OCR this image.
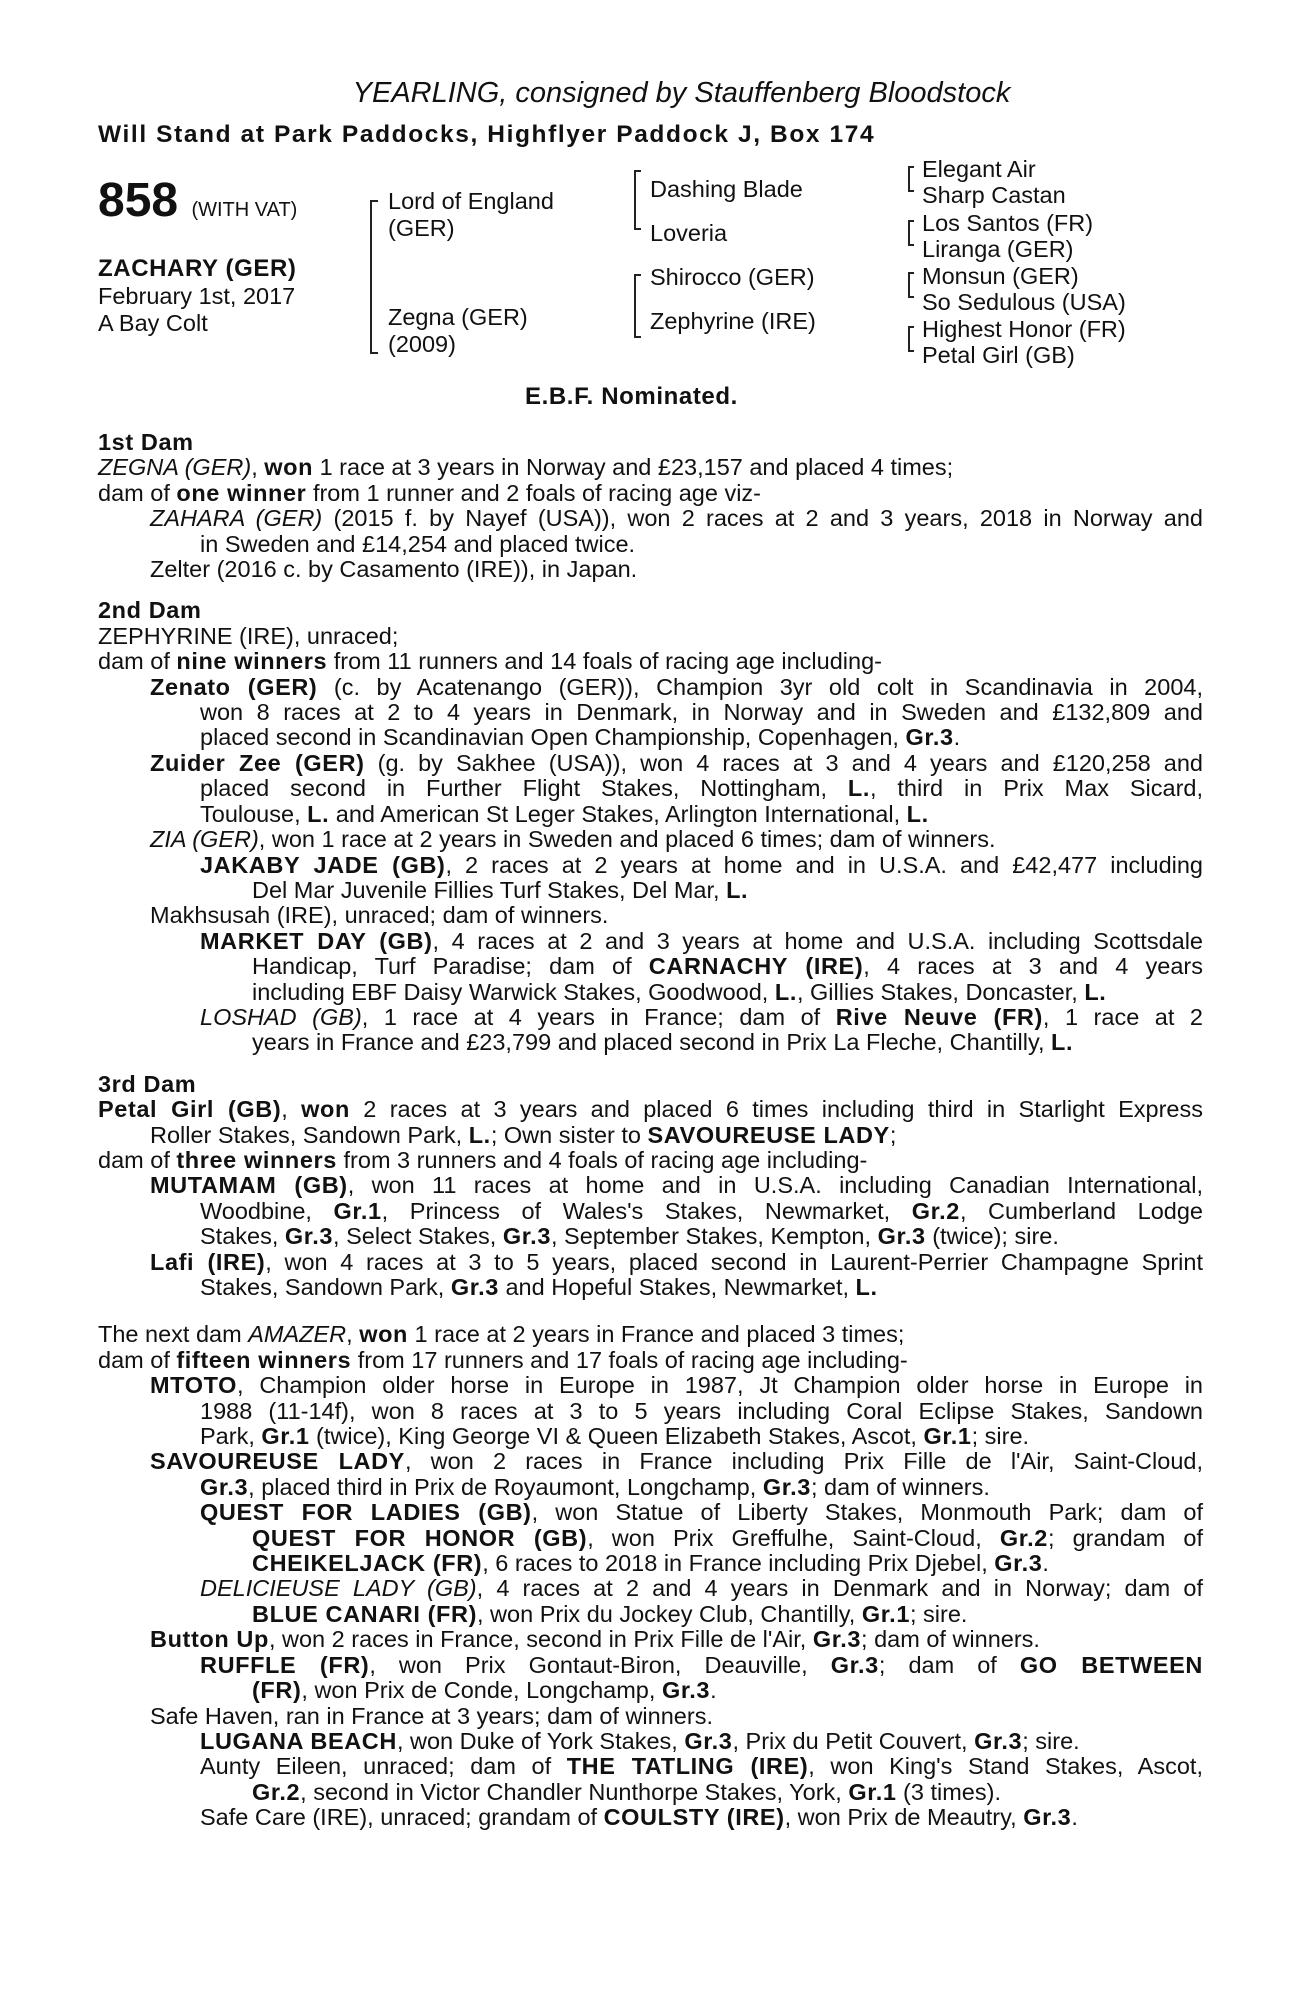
YEARLING, consigned by Stauffenberg Bloodstock
Will Stand at Park Paddocks, Highflyer Paddock J, Box 174
858 (WITH VAT)
ZACHARY (GER)
February 1st, 2017
A Bay Colt
Lord of England
(GER)
Zegna (GER)
(2009)
Dashing Blade
Loveria
Shirocco (GER)
Zephyrine (IRE)
Elegant Air
Sharp Castan
Los Santos (FR)
Liranga (GER)
Monsun (GER)
So Sedulous (USA)
Highest Honor (FR)
Petal Girl (GB)
E.B.F. Nominated.
1st Dam
ZEGNA (GER), won 1 race at 3 years in Norway and £23,157 and placed 4 times;
dam of one winner from 1 runner and 2 foals of racing age viz-
ZAHARA (GER) (2015 f. by Nayef (USA)), won 2 races at 2 and 3 years, 2018 in Norway and
in Sweden and £14,254 and placed twice.
Zelter (2016 c. by Casamento (IRE)), in Japan.
2nd Dam
ZEPHYRINE (IRE), unraced;
dam of nine winners from 11 runners and 14 foals of racing age including-
Zenato (GER) (c. by Acatenango (GER)), Champion 3yr old colt in Scandinavia in 2004,
won 8 races at 2 to 4 years in Denmark, in Norway and in Sweden and £132,809 and
placed second in Scandinavian Open Championship, Copenhagen, Gr.3.
Zuider Zee (GER) (g. by Sakhee (USA)), won 4 races at 3 and 4 years and £120,258 and
placed second in Further Flight Stakes, Nottingham, L., third in Prix Max Sicard,
Toulouse, L. and American St Leger Stakes, Arlington International, L.
ZIA (GER), won 1 race at 2 years in Sweden and placed 6 times; dam of winners.
JAKABY JADE (GB), 2 races at 2 years at home and in U.S.A. and £42,477 including
Del Mar Juvenile Fillies Turf Stakes, Del Mar, L.
Makhsusah (IRE), unraced; dam of winners.
MARKET DAY (GB), 4 races at 2 and 3 years at home and U.S.A. including Scottsdale
Handicap, Turf Paradise; dam of CARNACHY (IRE), 4 races at 3 and 4 years
including EBF Daisy Warwick Stakes, Goodwood, L., Gillies Stakes, Doncaster, L.
LOSHAD (GB), 1 race at 4 years in France; dam of Rive Neuve (FR), 1 race at 2
years in France and £23,799 and placed second in Prix La Fleche, Chantilly, L.
3rd Dam
Petal Girl (GB), won 2 races at 3 years and placed 6 times including third in Starlight Express
Roller Stakes, Sandown Park, L.; Own sister to SAVOUREUSE LADY;
dam of three winners from 3 runners and 4 foals of racing age including-
MUTAMAM (GB), won 11 races at home and in U.S.A. including Canadian International,
Woodbine, Gr.1, Princess of Wales's Stakes, Newmarket, Gr.2, Cumberland Lodge
Stakes, Gr.3, Select Stakes, Gr.3, September Stakes, Kempton, Gr.3 (twice); sire.
Lafi (IRE), won 4 races at 3 to 5 years, placed second in Laurent-Perrier Champagne Sprint
Stakes, Sandown Park, Gr.3 and Hopeful Stakes, Newmarket, L.
The next dam AMAZER, won 1 race at 2 years in France and placed 3 times;
dam of fifteen winners from 17 runners and 17 foals of racing age including-
MTOTO, Champion older horse in Europe in 1987, Jt Champion older horse in Europe in
1988 (11-14f), won 8 races at 3 to 5 years including Coral Eclipse Stakes, Sandown
Park, Gr.1 (twice), King George VI & Queen Elizabeth Stakes, Ascot, Gr.1; sire.
SAVOUREUSE LADY, won 2 races in France including Prix Fille de l'Air, Saint-Cloud,
Gr.3, placed third in Prix de Royaumont, Longchamp, Gr.3; dam of winners.
QUEST FOR LADIES (GB), won Statue of Liberty Stakes, Monmouth Park; dam of
QUEST FOR HONOR (GB), won Prix Greffulhe, Saint-Cloud, Gr.2; grandam of
CHEIKELJACK (FR), 6 races to 2018 in France including Prix Djebel, Gr.3.
DELICIEUSE LADY (GB), 4 races at 2 and 4 years in Denmark and in Norway; dam of
BLUE CANARI (FR), won Prix du Jockey Club, Chantilly, Gr.1; sire.
Button Up, won 2 races in France, second in Prix Fille de l'Air, Gr.3; dam of winners.
RUFFLE (FR), won Prix Gontaut-Biron, Deauville, Gr.3; dam of GO BETWEEN
(FR), won Prix de Conde, Longchamp, Gr.3.
Safe Haven, ran in France at 3 years; dam of winners.
LUGANA BEACH, won Duke of York Stakes, Gr.3, Prix du Petit Couvert, Gr.3; sire.
Aunty Eileen, unraced; dam of THE TATLING (IRE), won King's Stand Stakes, Ascot,
Gr.2, second in Victor Chandler Nunthorpe Stakes, York, Gr.1 (3 times).
Safe Care (IRE), unraced; grandam of COULSTY (IRE), won Prix de Meautry, Gr.3.
